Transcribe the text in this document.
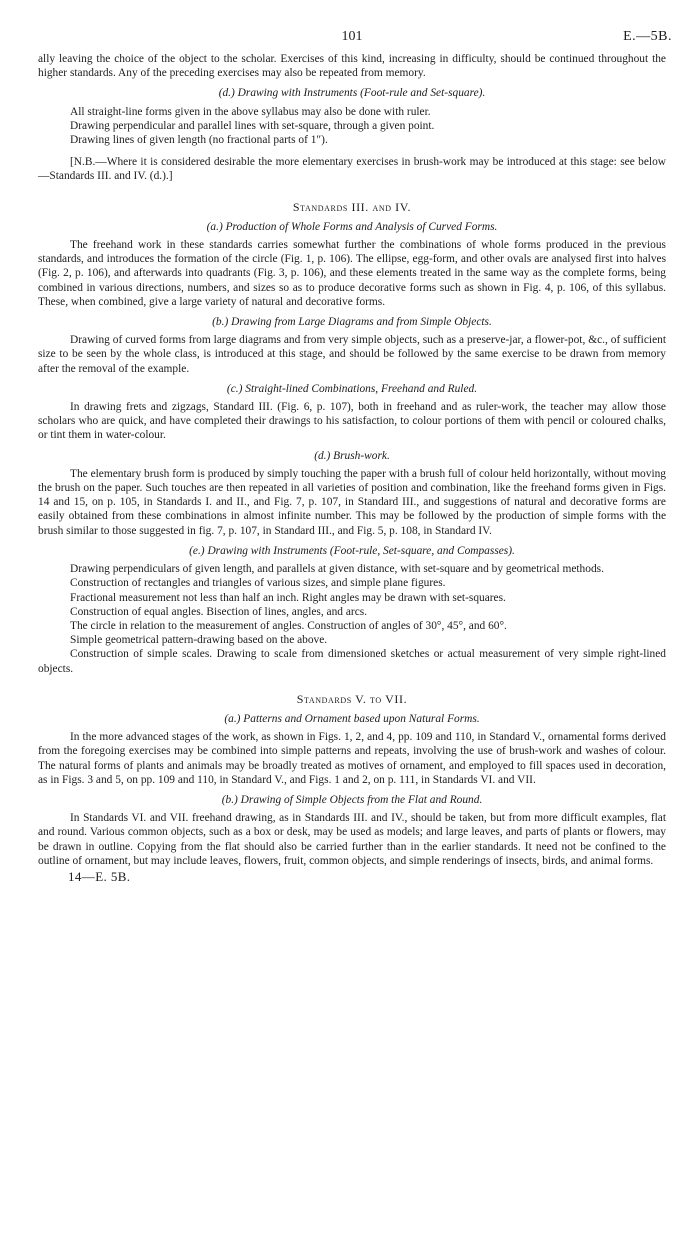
101	E.—5B.

ally leaving the choice of the object to the scholar. Exercises of this kind, increasing in difficulty, should be continued throughout the higher standards. Any of the preceding exercises may also be repeated from memory.

(d.) Drawing with Instruments (Foot-rule and Set-square).

All straight-line forms given in the above syllabus may also be done with ruler.

Drawing perpendicular and parallel lines with set-square, through a given point.

Drawing lines of given length (no fractional parts of 1″).

[N.B.—Where it is considered desirable the more elementary exercises in brush-work may be introduced at this stage: see below—Standards III. and IV. (d.).]

Standards III. and IV.
(a.) Production of Whole Forms and Analysis of Curved Forms.

The freehand work in these standards carries somewhat further the combinations of whole forms produced in the previous standards, and introduces the formation of the circle (Fig. 1, p. 106). The ellipse, egg-form, and other ovals are analysed first into halves (Fig. 2, p. 106), and afterwards into quadrants (Fig. 3, p. 106), and these elements treated in the same way as the complete forms, being combined in various directions, numbers, and sizes so as to produce decorative forms such as shown in Fig. 4, p. 106, of this syllabus. These, when combined, give a large variety of natural and decorative forms.

(b.) Drawing from Large Diagrams and from Simple Objects.

Drawing of curved forms from large diagrams and from very simple objects, such as a preserve-jar, a flower-pot, &c., of sufficient size to be seen by the whole class, is introduced at this stage, and should be followed by the same exercise to be drawn from memory after the removal of the example.

(c.) Straight-lined Combinations, Freehand and Ruled.

In drawing frets and zigzags, Standard III. (Fig. 6, p. 107), both in freehand and as ruler-work, the teacher may allow those scholars who are quick, and have completed their drawings to his satisfaction, to colour portions of them with pencil or coloured chalks, or tint them in water-colour.

(d.) Brush-work.

The elementary brush form is produced by simply touching the paper with a brush full of colour held horizontally, without moving the brush on the paper. Such touches are then repeated in all varieties of position and combination, like the freehand forms given in Figs. 14 and 15, on p. 105, in Standards I. and II., and Fig. 7, p. 107, in Standard III., and suggestions of natural and decorative forms are easily obtained from these combinations in almost infinite number. This may be followed by the production of simple forms with the brush similar to those suggested in fig. 7, p. 107, in Standard III., and Fig. 5, p. 108, in Standard IV.

(e.) Drawing with Instruments (Foot-rule, Set-square, and Compasses).

Drawing perpendiculars of given length, and parallels at given distance, with set-square and by geometrical methods.

Construction of rectangles and triangles of various sizes, and simple plane figures.

Fractional measurement not less than half an inch. Right angles may be drawn with set-squares.

Construction of equal angles. Bisection of lines, angles, and arcs.

The circle in relation to the measurement of angles. Construction of angles of 30°, 45°, and 60°.

Simple geometrical pattern-drawing based on the above.

Construction of simple scales. Drawing to scale from dimensioned sketches or actual measurement of very simple right-lined objects.

Standards V. to VII.
(a.) Patterns and Ornament based upon Natural Forms.

In the more advanced stages of the work, as shown in Figs. 1, 2, and 4, pp. 109 and 110, in Standard V., ornamental forms derived from the foregoing exercises may be combined into simple patterns and repeats, involving the use of brush-work and washes of colour. The natural forms of plants and animals may be broadly treated as motives of ornament, and employed to fill spaces used in decoration, as in Figs. 3 and 5, on pp. 109 and 110, in Standard V., and Figs. 1 and 2, on p. 111, in Standards VI. and VII.

(b.) Drawing of Simple Objects from the Flat and Round.

In Standards VI. and VII. freehand drawing, as in Standards III. and IV., should be taken, but from more difficult examples, flat and round. Various common objects, such as a box or desk, may be used as models; and large leaves, and parts of plants or flowers, may be drawn in outline. Copying from the flat should also be carried further than in the earlier standards. It need not be confined to the outline of ornament, but may include leaves, flowers, fruit, common objects, and simple renderings of insects, birds, and animal forms.

14—E. 5B.
